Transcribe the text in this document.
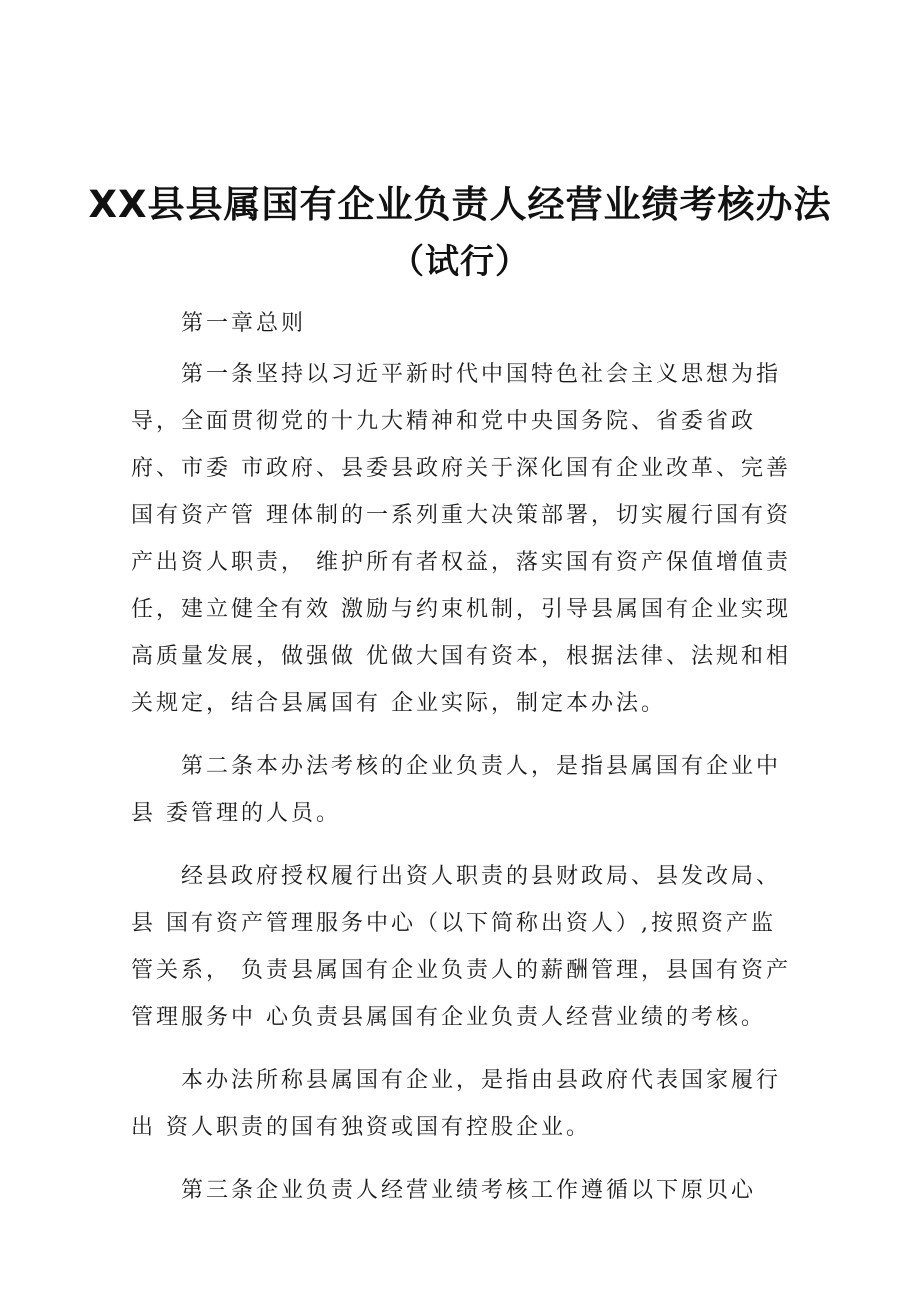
XX县县属国有企业负责人经营业绩考核办法
（试行）

第一章总则

第一条坚持以习近平新时代中国特色社会主义思想为指导，全面贯彻党的十九大精神和党中央国务院、省委省政府、市委 市政府、县委县政府关于深化国有企业改革、完善国有资产管 理体制的一系列重大决策部署，切实履行国有资产出资人职责， 维护所有者权益，落实国有资产保值增值责任，建立健全有效 激励与约束机制，引导县属国有企业实现高质量发展，做强做 优做大国有资本，根据法律、法规和相关规定，结合县属国有 企业实际，制定本办法。

第二条本办法考核的企业负责人，是指县属国有企业中县 委管理的人员。

经县政府授权履行出资人职责的县财政局、县发改局、县 国有资产管理服务中心（以下简称出资人）,按照资产监管关系， 负责县属国有企业负责人的薪酬管理，县国有资产管理服务中 心负责县属国有企业负责人经营业绩的考核。

本办法所称县属国有企业，是指由县政府代表国家履行出 资人职责的国有独资或国有控股企业。

第三条企业负责人经营业绩考核工作遵循以下原贝心
